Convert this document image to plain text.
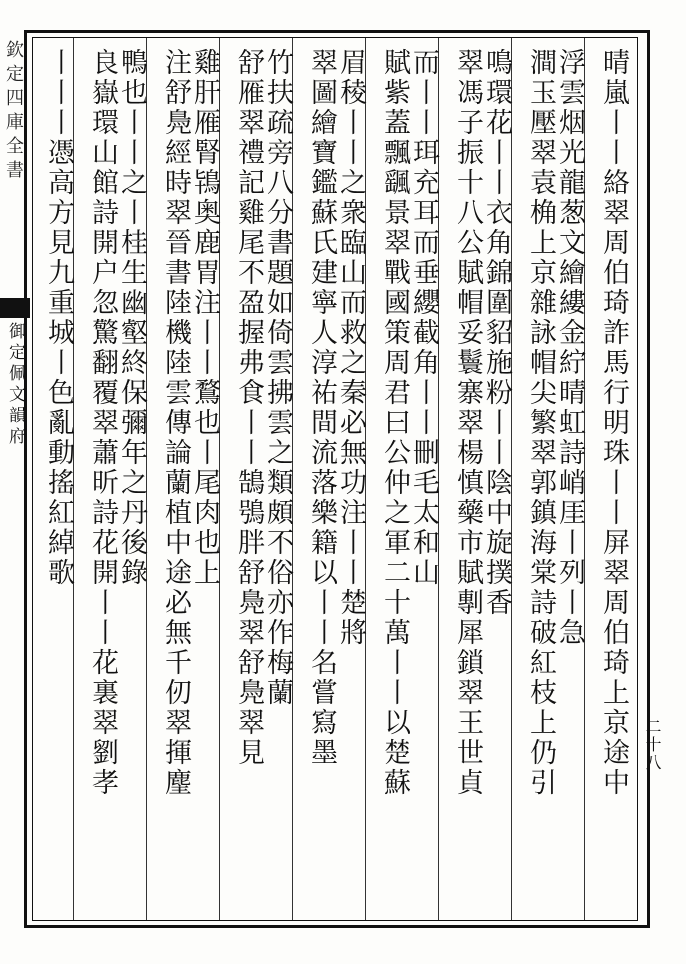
晴嵐丨丨絡翠周伯琦詐馬行明珠丨丨屏翠周伯琦上京途中
浮雲烟光龍葱文繪縷金紵晴虹詩峭厓丨列丨急
澗玉壓翠袁桷上京雜詠帽尖繁翠郭鎮海棠詩破紅枝上仍引
鳴環花丨丨衣角錦圍貂施粉丨丨陰中旋撲香
翠馮子振十八公賦帽妥鬟寨翠楊慎藥市賦剸犀鎖翠王世貞
而丨丨珥充耳而垂纓截角丨丨刪毛太和山
賦紫蓋飄颻景翠戰國策周君曰公仲之軍二十萬丨丨以楚蘇
眉稜丨丨之衆臨山而救之秦必無功注丨丨楚將
翠圖繪寶鑑蘇氏建寧人淳祐間流落樂籍以丨丨名嘗寫墨
竹扶疏旁八分書題如倚雲拂雲之類頗不俗亦作梅蘭
舒雁翠禮記雞尾不盈握弗食丨丨鵠鴞胖舒鳧翠舒鳧翠見
雞肝雁腎鴇奥鹿胃注丨丨鶩也丨尾肉也上
注舒鳧經時翠晉書陸機陸雲傳論蘭植中途必無千仞翠揮麈
鴨也丨丨之丨桂生幽壑終保彌年之丹後錄
良嶽環山館詩開户忽驚翻覆翠蕭昕詩花開丨丨花裏翠劉孝
丨丨丨憑高方見九重城丨色亂動搖紅綽歌
欽定四庫全書
御定佩文韻府
二十八
